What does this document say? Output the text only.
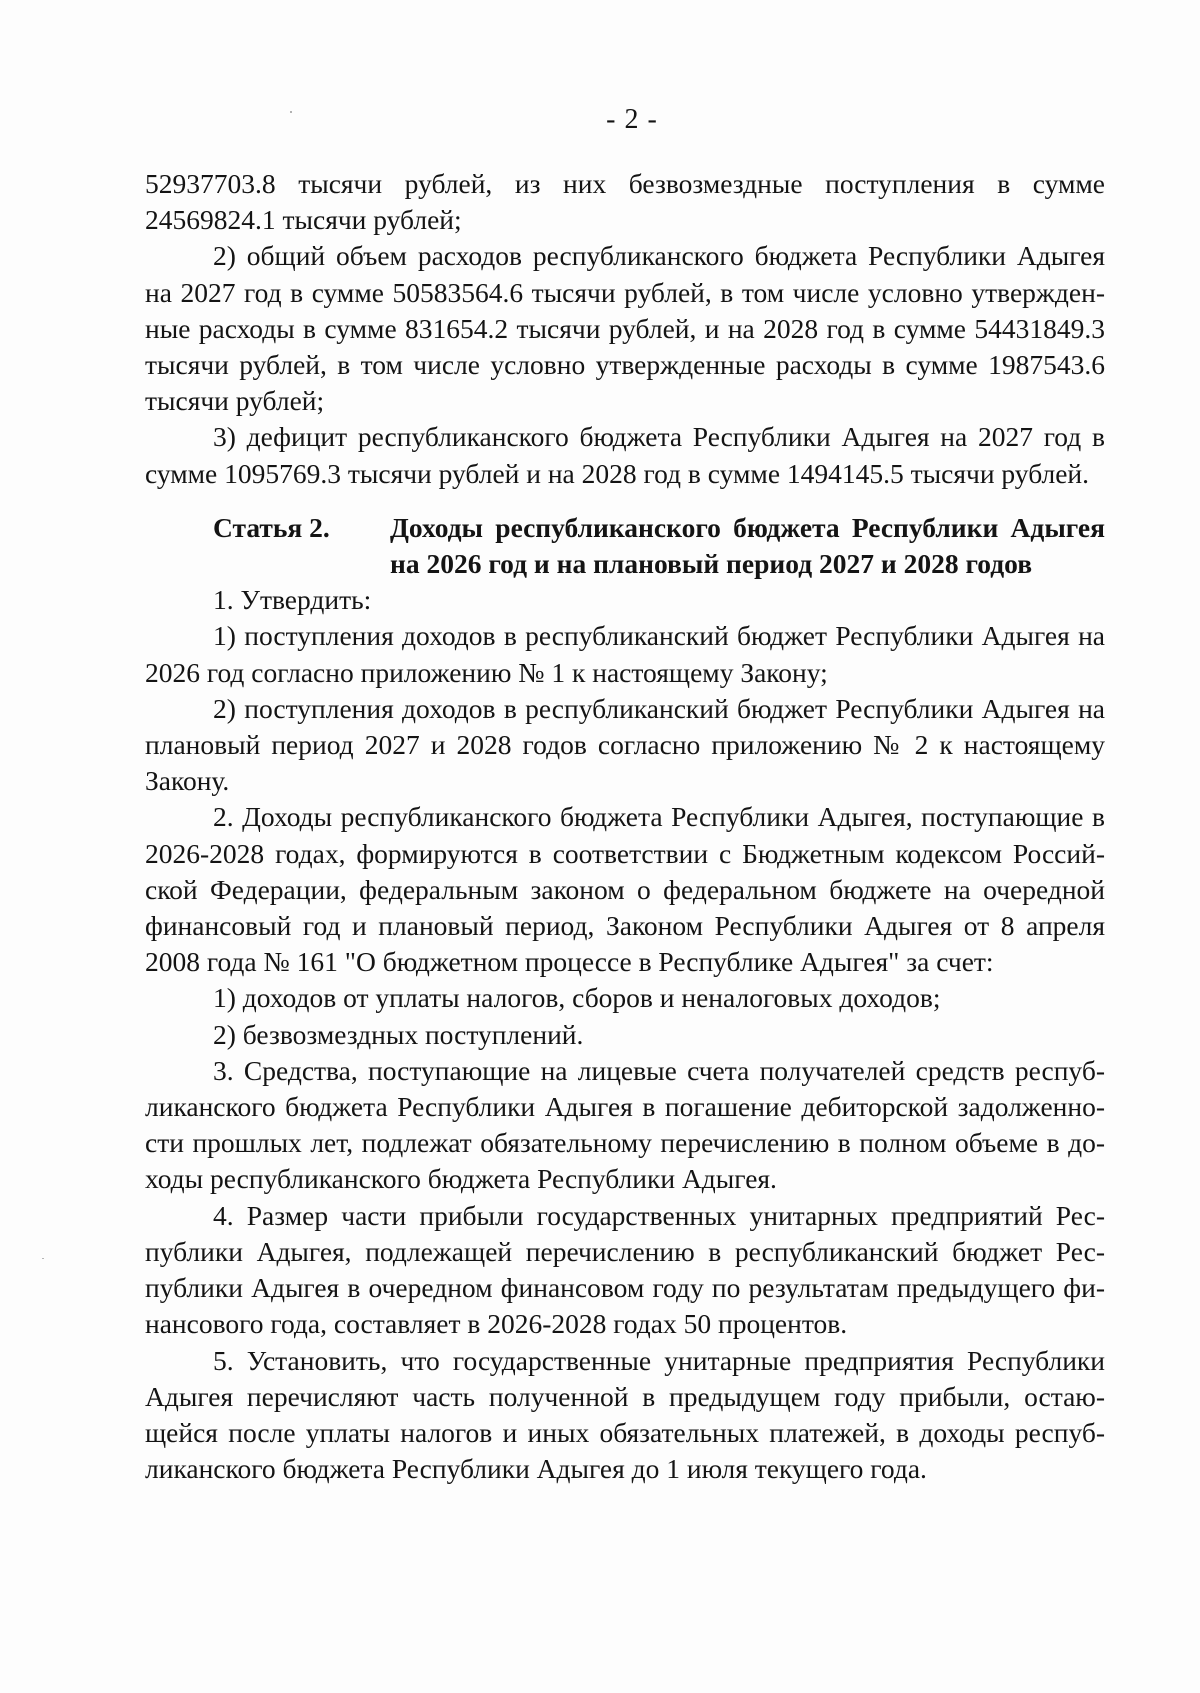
- 2 -

52937703.8 тысячи рублей, из них безвозмездные поступления в сумме 24569824.1 тысячи рублей;

2) общий объем расходов республиканского бюджета Республики Адыгея на 2027 год в сумме 50583564.6 тысячи рублей, в том числе условно утвержденные расходы в сумме 831654.2 тысячи рублей, и на 2028 год в сумме 54431849.3 тысячи рублей, в том числе условно утвержденные расходы в сумме 1987543.6 тысячи рублей;

3) дефицит республиканского бюджета Республики Адыгея на 2027 год в сумме 1095769.3 тысячи рублей и на 2028 год в сумме 1494145.5 тысячи рублей.

Статья 2.	Доходы республиканского бюджета Республики Адыгея на 2026 год и на плановый период 2027 и 2028 годов

1. Утвердить:

1) поступления доходов в республиканский бюджет Республики Адыгея на 2026 год согласно приложению № 1 к настоящему Закону;

2) поступления доходов в республиканский бюджет Республики Адыгея на плановый период 2027 и 2028 годов согласно приложению № 2 к настоящему Закону.

2. Доходы республиканского бюджета Республики Адыгея, поступающие в 2026-2028 годах, формируются в соответствии с Бюджетным кодексом Российской Федерации, федеральным законом о федеральном бюджете на очередной финансовый год и плановый период, Законом Республики Адыгея от 8 апреля 2008 года № 161 "О бюджетном процессе в Республике Адыгея" за счет:

1) доходов от уплаты налогов, сборов и неналоговых доходов;

2) безвозмездных поступлений.

3. Средства, поступающие на лицевые счета получателей средств республиканского бюджета Республики Адыгея в погашение дебиторской задолженности прошлых лет, подлежат обязательному перечислению в полном объеме в доходы республиканского бюджета Республики Адыгея.

4. Размер части прибыли государственных унитарных предприятий Республики Адыгея, подлежащей перечислению в республиканский бюджет Республики Адыгея в очередном финансовом году по результатам предыдущего финансового года, составляет в 2026-2028 годах 50 процентов.

5. Установить, что государственные унитарные предприятия Республики Адыгея перечисляют часть полученной в предыдущем году прибыли, остающейся после уплаты налогов и иных обязательных платежей, в доходы республиканского бюджета Республики Адыгея до 1 июля текущего года.
